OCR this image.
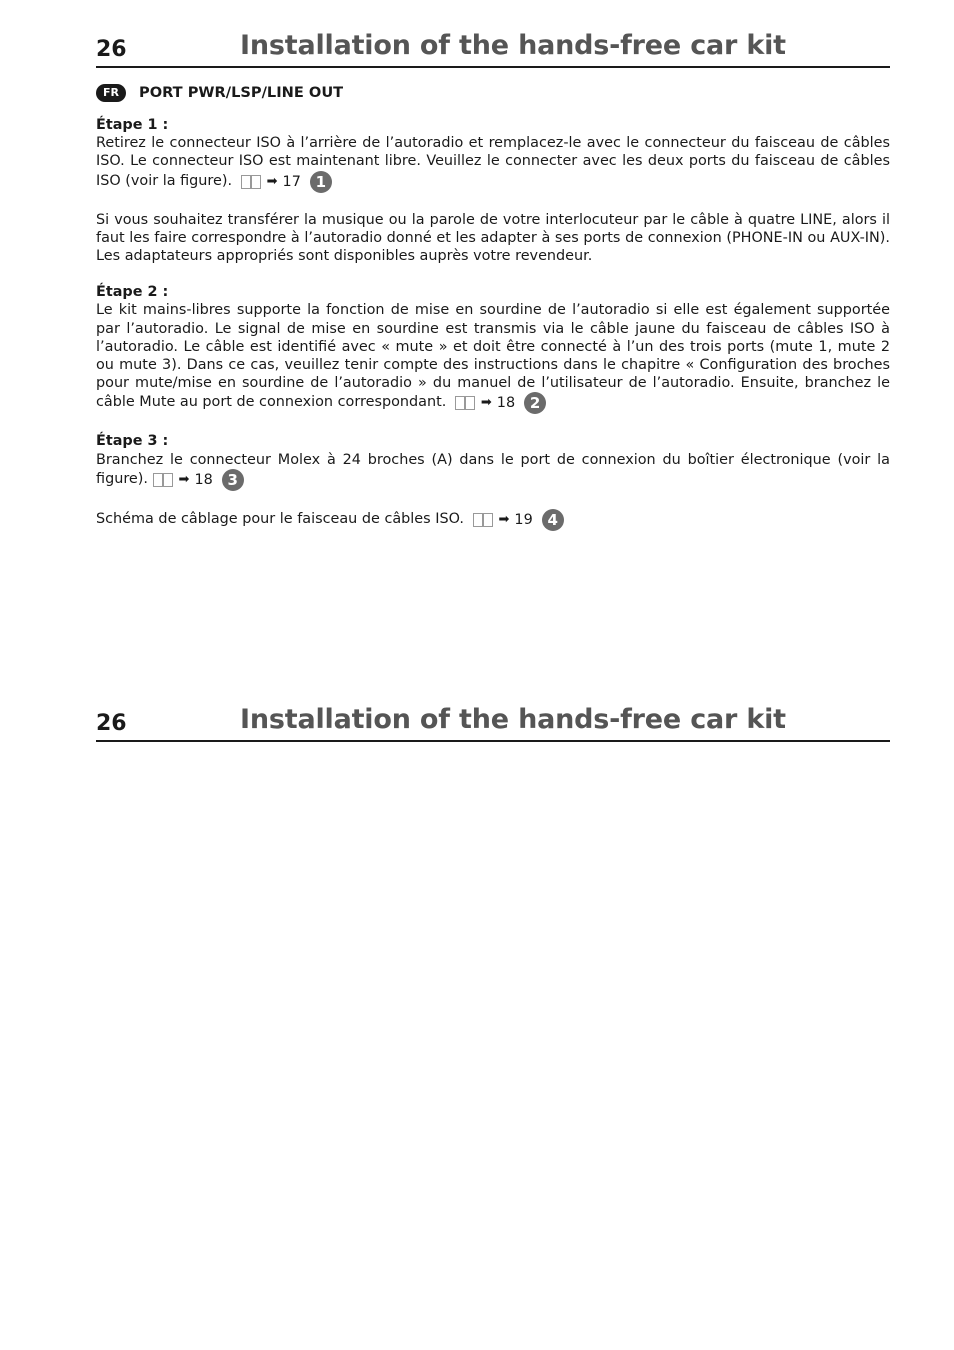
26	Installation of the hands-free car kit
FR	PORT PWR/LSP/LINE OUT
Étape 1 :

Retirez le connecteur ISO à l’arrière de l’autoradio et remplacez-le avec le connecteur du faisceau de câbles ISO. Le connecteur ISO est maintenant libre. Veuillez le connecter avec les deux ports du faisceau de câbles ISO (voir la figure).	➡ 17 1

Si vous souhaitez transférer la musique ou la parole de votre interlocuteur par le câble à quatre LINE, alors il faut les faire correspondre à l’autoradio donné et les adapter à ses ports de connexion (PHONE-IN ou AUX-IN). Les adaptateurs appropriés sont disponibles auprès votre revendeur.

Étape 2 :

Le kit mains-libres supporte la fonction de mise en sourdine de l’autoradio si elle est également supportée par l’autoradio. Le signal de mise en sourdine est transmis via le câble jaune du faisceau de câbles ISO à l’autoradio. Le câble est identifié avec « mute » et doit être connecté à l’un des trois ports (mute 1, mute 2 ou mute 3). Dans ce cas, veuillez tenir compte des instructions dans le chapitre « Configuration des broches pour mute/mise en sourdine de l’autoradio » du manuel de l’utilisateur de l’autoradio. Ensuite, branchez le câble Mute au port de connexion correspondant.	➡ 18 2

Étape 3 :

Branchez le connecteur Molex à 24 broches (A) dans le port de connexion du boîtier électronique (voir la figure). ➡ 18 3

Schéma de câblage pour le faisceau de câbles ISO.	➡ 19 4

26	Installation of the hands-free car kit
